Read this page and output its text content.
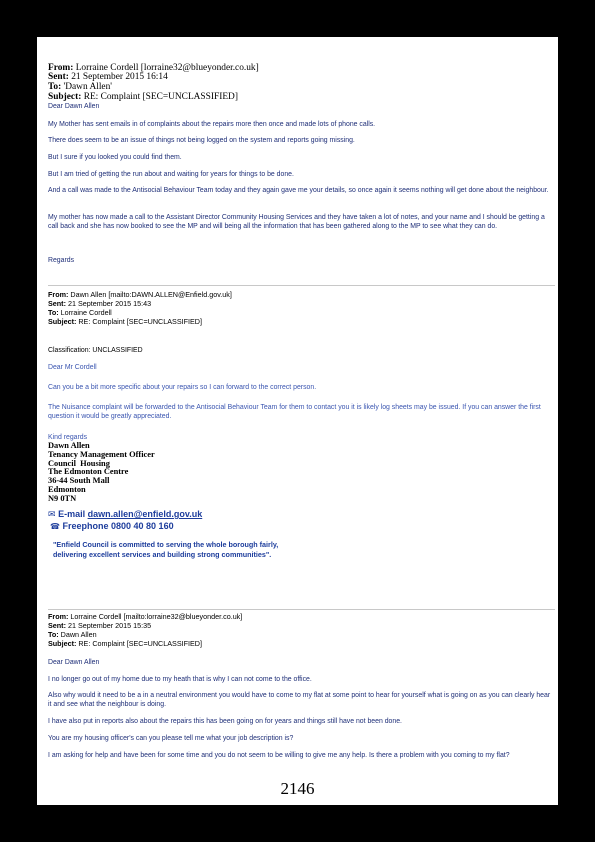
From: Lorraine Cordell [lorraine32@blueyonder.co.uk]
Sent: 21 September 2015 16:14
To: 'Dawn Allen'
Subject: RE: Complaint [SEC=UNCLASSIFIED]

Dear Dawn Allen

My Mother has sent emails in of complaints about the repairs more then once and made lots of phone calls.

There does seem to be an issue of things not being logged on the system and reports going missing.

But I sure if you looked you could find them.

But I am tried of getting the run about and waiting for years for things to be done.

And a call was made to the Antisocial Behaviour Team today and they again gave me your details, so once again it seems nothing will get done about the neighbour.

My mother has now made a call to the Assistant Director Community Housing Services and they have taken a lot of notes, and your name and I should be getting a call back and she has now booked to see the MP and will being all the information that has been gathered along to the MP to see what they can do.

Regards

From: Dawn Allen [mailto:DAWN.ALLEN@Enfield.gov.uk]
Sent: 21 September 2015 15:43
To: Lorraine Cordell
Subject: RE: Complaint [SEC=UNCLASSIFIED]

Classification: UNCLASSIFIED

Dear Mr Cordell

Can you be a bit more specific about your repairs so I can forward to the correct person.

The Nuisance complaint will be forwarded to the Antisocial Behaviour Team for them to contact you it is likely log sheets may be issued. If you can answer the first question it would be greatly appreciated.

Kind regards

Dawn Allen
Tenancy Management Officer
Council  Housing
The Edmonton Centre
36-44 South Mall
Edmonton
N9 0TN
✉ E-mail dawn.allen@enfield.gov.uk
☎ Freephone 0800 40 80 160
"Enfield Council is committed to serving the whole borough fairly,
delivering excellent services and building strong communities".
From: Lorraine Cordell [mailto:lorraine32@blueyonder.co.uk]
Sent: 21 September 2015 15:35
To: Dawn Allen
Subject: RE: Complaint [SEC=UNCLASSIFIED]

Dear Dawn Allen

I no longer go out of my home due to my heath that is why I can not come to the office.

Also why would it need to be a in a neutral environment you would have to come to my flat at some point to hear for yourself what is going on as you can clearly hear it and see what the neighbour is doing.

I have also put in reports also about the repairs this has been going on for years and things still have not been done.

You are my housing officer's can you please tell me what your job description is?

I am asking for help and have been for some time and you do not seem to be willing to give me any help. Is there a problem with you coming to my flat?

2146
